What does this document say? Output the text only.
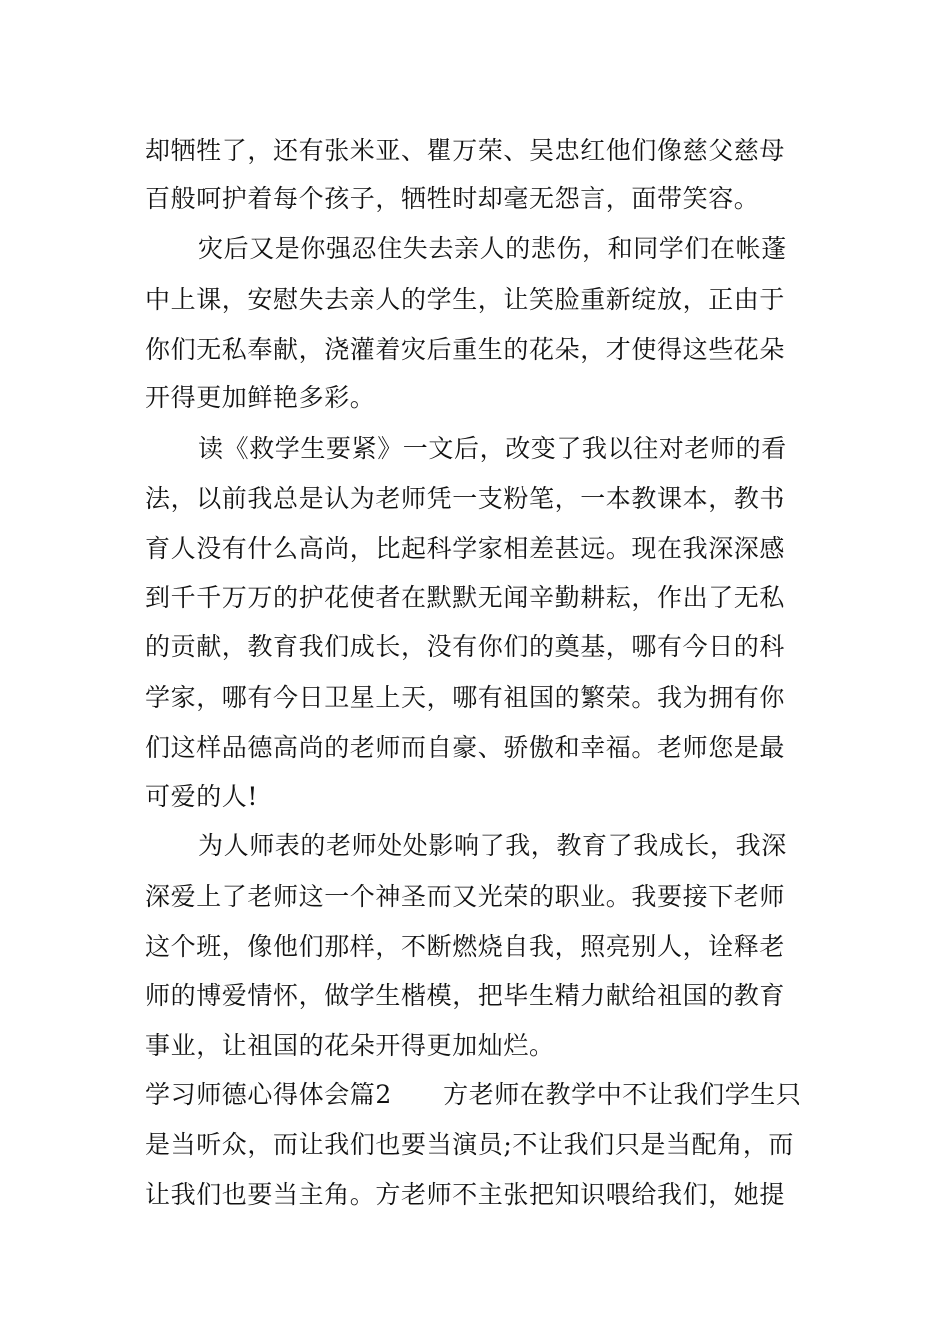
却牺牲了，还有张米亚、瞿万荣、吴忠红他们像慈父慈母
百般呵护着每个孩子，牺牲时却毫无怨言，面带笑容。
灾后又是你强忍住失去亲人的悲伤，和同学们在帐蓬
中上课，安慰失去亲人的学生，让笑脸重新绽放，正由于
你们无私奉献，浇灌着灾后重生的花朵，才使得这些花朵
开得更加鲜艳多彩。
读《救学生要紧》一文后，改变了我以往对老师的看
法，以前我总是认为老师凭一支粉笔，一本教课本，教书
育人没有什么高尚，比起科学家相差甚远。现在我深深感
到千千万万的护花使者在默默无闻辛勤耕耘，作出了无私
的贡献，教育我们成长，没有你们的奠基，哪有今日的科
学家，哪有今日卫星上天，哪有祖国的繁荣。我为拥有你
们这样品德高尚的老师而自豪、骄傲和幸福。老师您是最
可爱的人!
为人师表的老师处处影响了我，教育了我成长，我深
深爱上了老师这一个神圣而又光荣的职业。我要接下老师
这个班，像他们那样，不断燃烧自我，照亮别人，诠释老
师的博爱情怀，做学生楷模，把毕生精力献给祖国的教育
事业，让祖国的花朵开得更加灿烂。
学习师德心得体会篇2　　方老师在教学中不让我们学生只
是当听众，而让我们也要当演员;不让我们只是当配角，而
让我们也要当主角。方老师不主张把知识喂给我们，她提
